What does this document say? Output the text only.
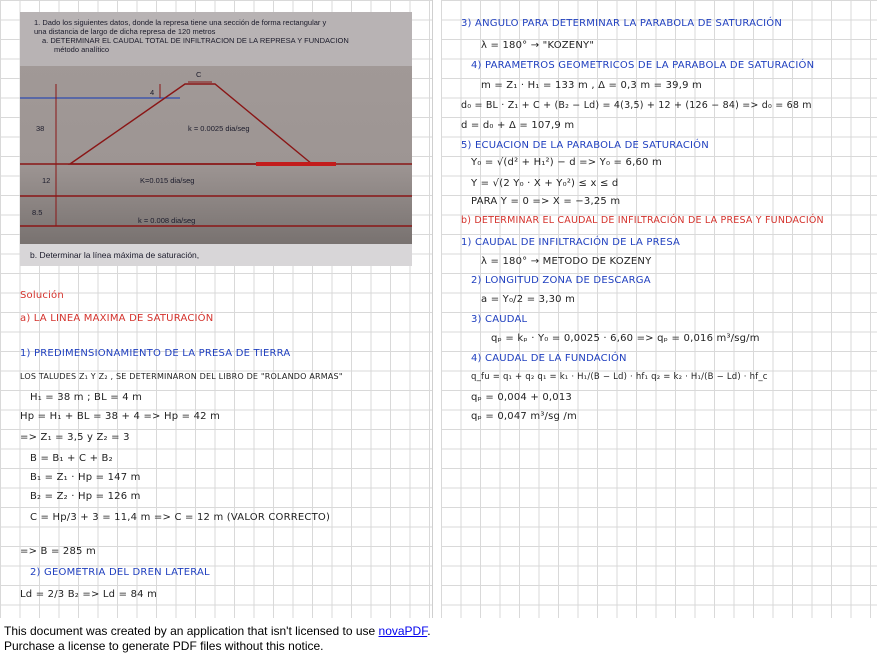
1. Dado los siguientes datos, donde la represa tiene una sección de forma rectangular y
una distancia de largo de dicha represa de 120 metros
a. DETERMINAR EL CAUDAL TOTAL DE INFILTRACION DE LA REPRESA Y FUNDACION
método analítico
C
4
38
12
8.5
k = 0.0025 dia/seg
K=0.015 dia/seg
k = 0.008 dia/seg
b. Determinar la línea máxima de saturación,
Solución
a) LA LINEA MAXIMA DE SATURACIÓN
1) PREDIMENSIONAMIENTO DE LA PRESA DE TIERRA
LOS TALUDES Z₁ Y Z₂ , SE DETERMINARON DEL LIBRO DE "ROLANDO ARMAS"
H₁ = 38 m ; BL = 4 m
Hp = H₁ + BL = 38 + 4 => Hp = 42 m
=> Z₁ = 3,5 y Z₂ = 3
B = B₁ + C + B₂
B₁ = Z₁ · Hp = 147 m
B₂ = Z₂ · Hp = 126 m
C = Hp/3 + 3 = 11,4 m => C = 12 m (VALOR CORRECTO)
=> B = 285 m
2) GEOMETRIA DEL DREN LATERAL
Ld = 2/3 B₂ => Ld = 84 m
3) ANGULO PARA DETERMINAR LA PARABOLA DE SATURACIÓN
λ = 180° → "KOZENY"
4) PARAMETROS GEOMETRICOS DE LA PARABOLA DE SATURACIÓN
m = Z₁ · H₁ = 133 m , Δ = 0,3 m = 39,9 m
d₀ = BL · Z₁ + C + (B₂ − Ld) = 4(3,5) + 12 + (126 − 84) => d₀ = 68 m
d = d₀ + Δ = 107,9 m
5) ECUACION DE LA PARABOLA DE SATURACIÓN
Y₀ = √(d² + H₁²) − d => Y₀ = 6,60 m
Y = √(2 Y₀ · X + Y₀²) ≤ x ≤ d
PARA Y = 0 => X = −3,25 m
b) DETERMINAR EL CAUDAL DE INFILTRACIÓN DE LA PRESA Y FUNDACIÓN
1) CAUDAL DE INFILTRACIÓN DE LA PRESA
λ = 180° → METODO DE KOZENY
2) LONGITUD ZONA DE DESCARGA
a = Y₀/2 = 3,30 m
3) CAUDAL
qₚ = kₚ · Y₀ = 0,0025 · 6,60 => qₚ = 0,016 m³/sg/m
4) CAUDAL DE LA FUNDACIÓN
q_fu = q₁ + q₂ q₁ = k₁ · H₁/(B − Ld) · hf₁ q₂ = k₂ · H₁/(B − Ld) · hf_c
qₚ = 0,004 + 0,013
qₚ = 0,047 m³/sg /m
This document was created by an application that isn't licensed to use novaPDF.
Purchase a license to generate PDF files without this notice.
